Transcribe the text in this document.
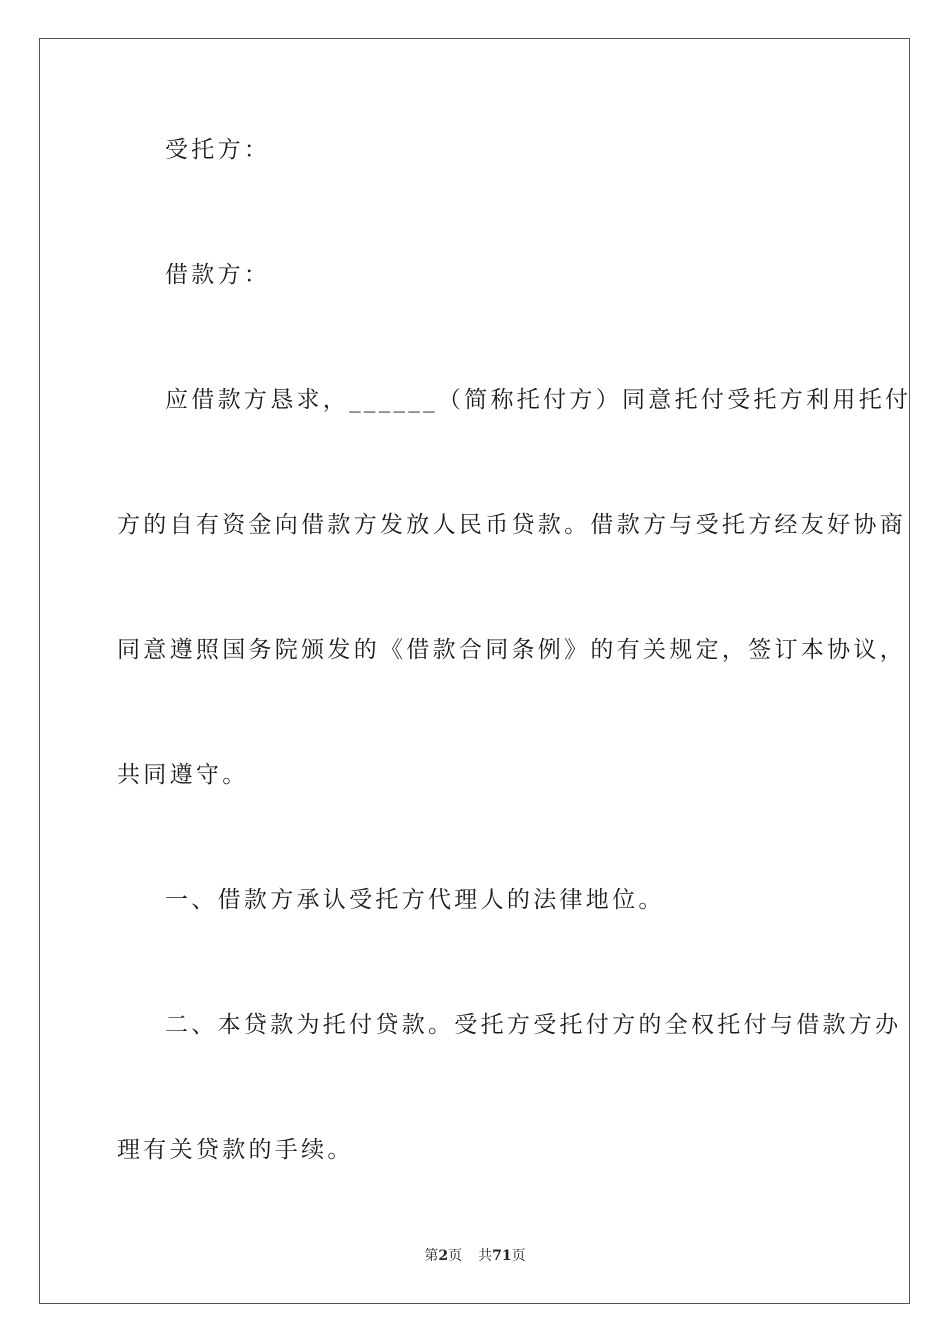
受托方：
借款方：
应借款方恳求，______（简称托付方）同意托付受托方利用托付
方的自有资金向借款方发放人民币贷款。借款方与受托方经友好协商
同意遵照国务院颁发的《借款合同条例》的有关规定，签订本协议，
共同遵守。
一、借款方承认受托方代理人的法律地位。
二、本贷款为托付贷款。受托方受托付方的全权托付与借款方办
理有关贷款的手续。
第2页 共71页
